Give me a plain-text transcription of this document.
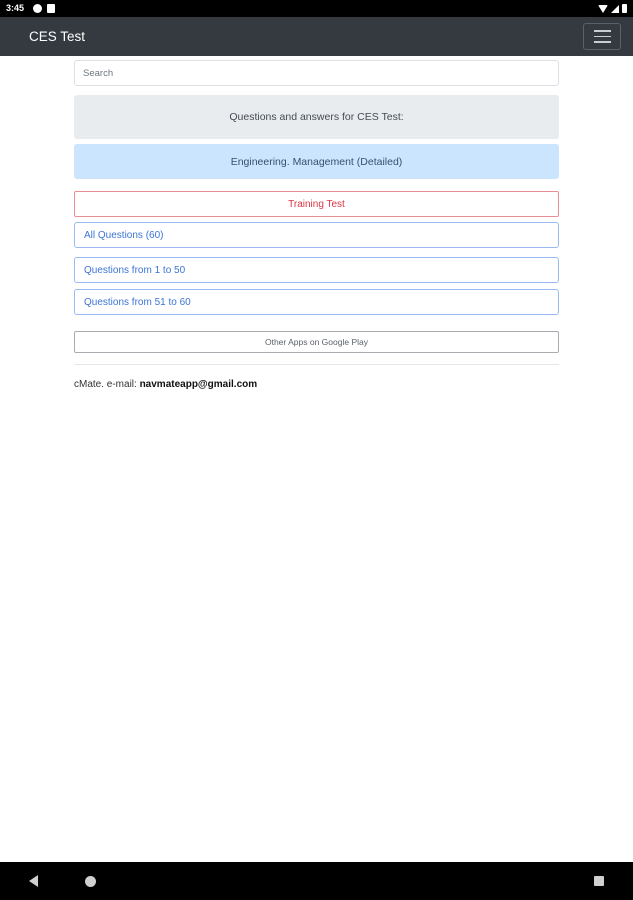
3:45
CES Test
Search
Questions and answers for CES Test:
Engineering. Management (Detailed)
Training Test
All Questions (60)
Questions from 1 to 50
Questions from 51 to 60
Other Apps on Google Play
cMate. e-mail: navmateapp@gmail.com
